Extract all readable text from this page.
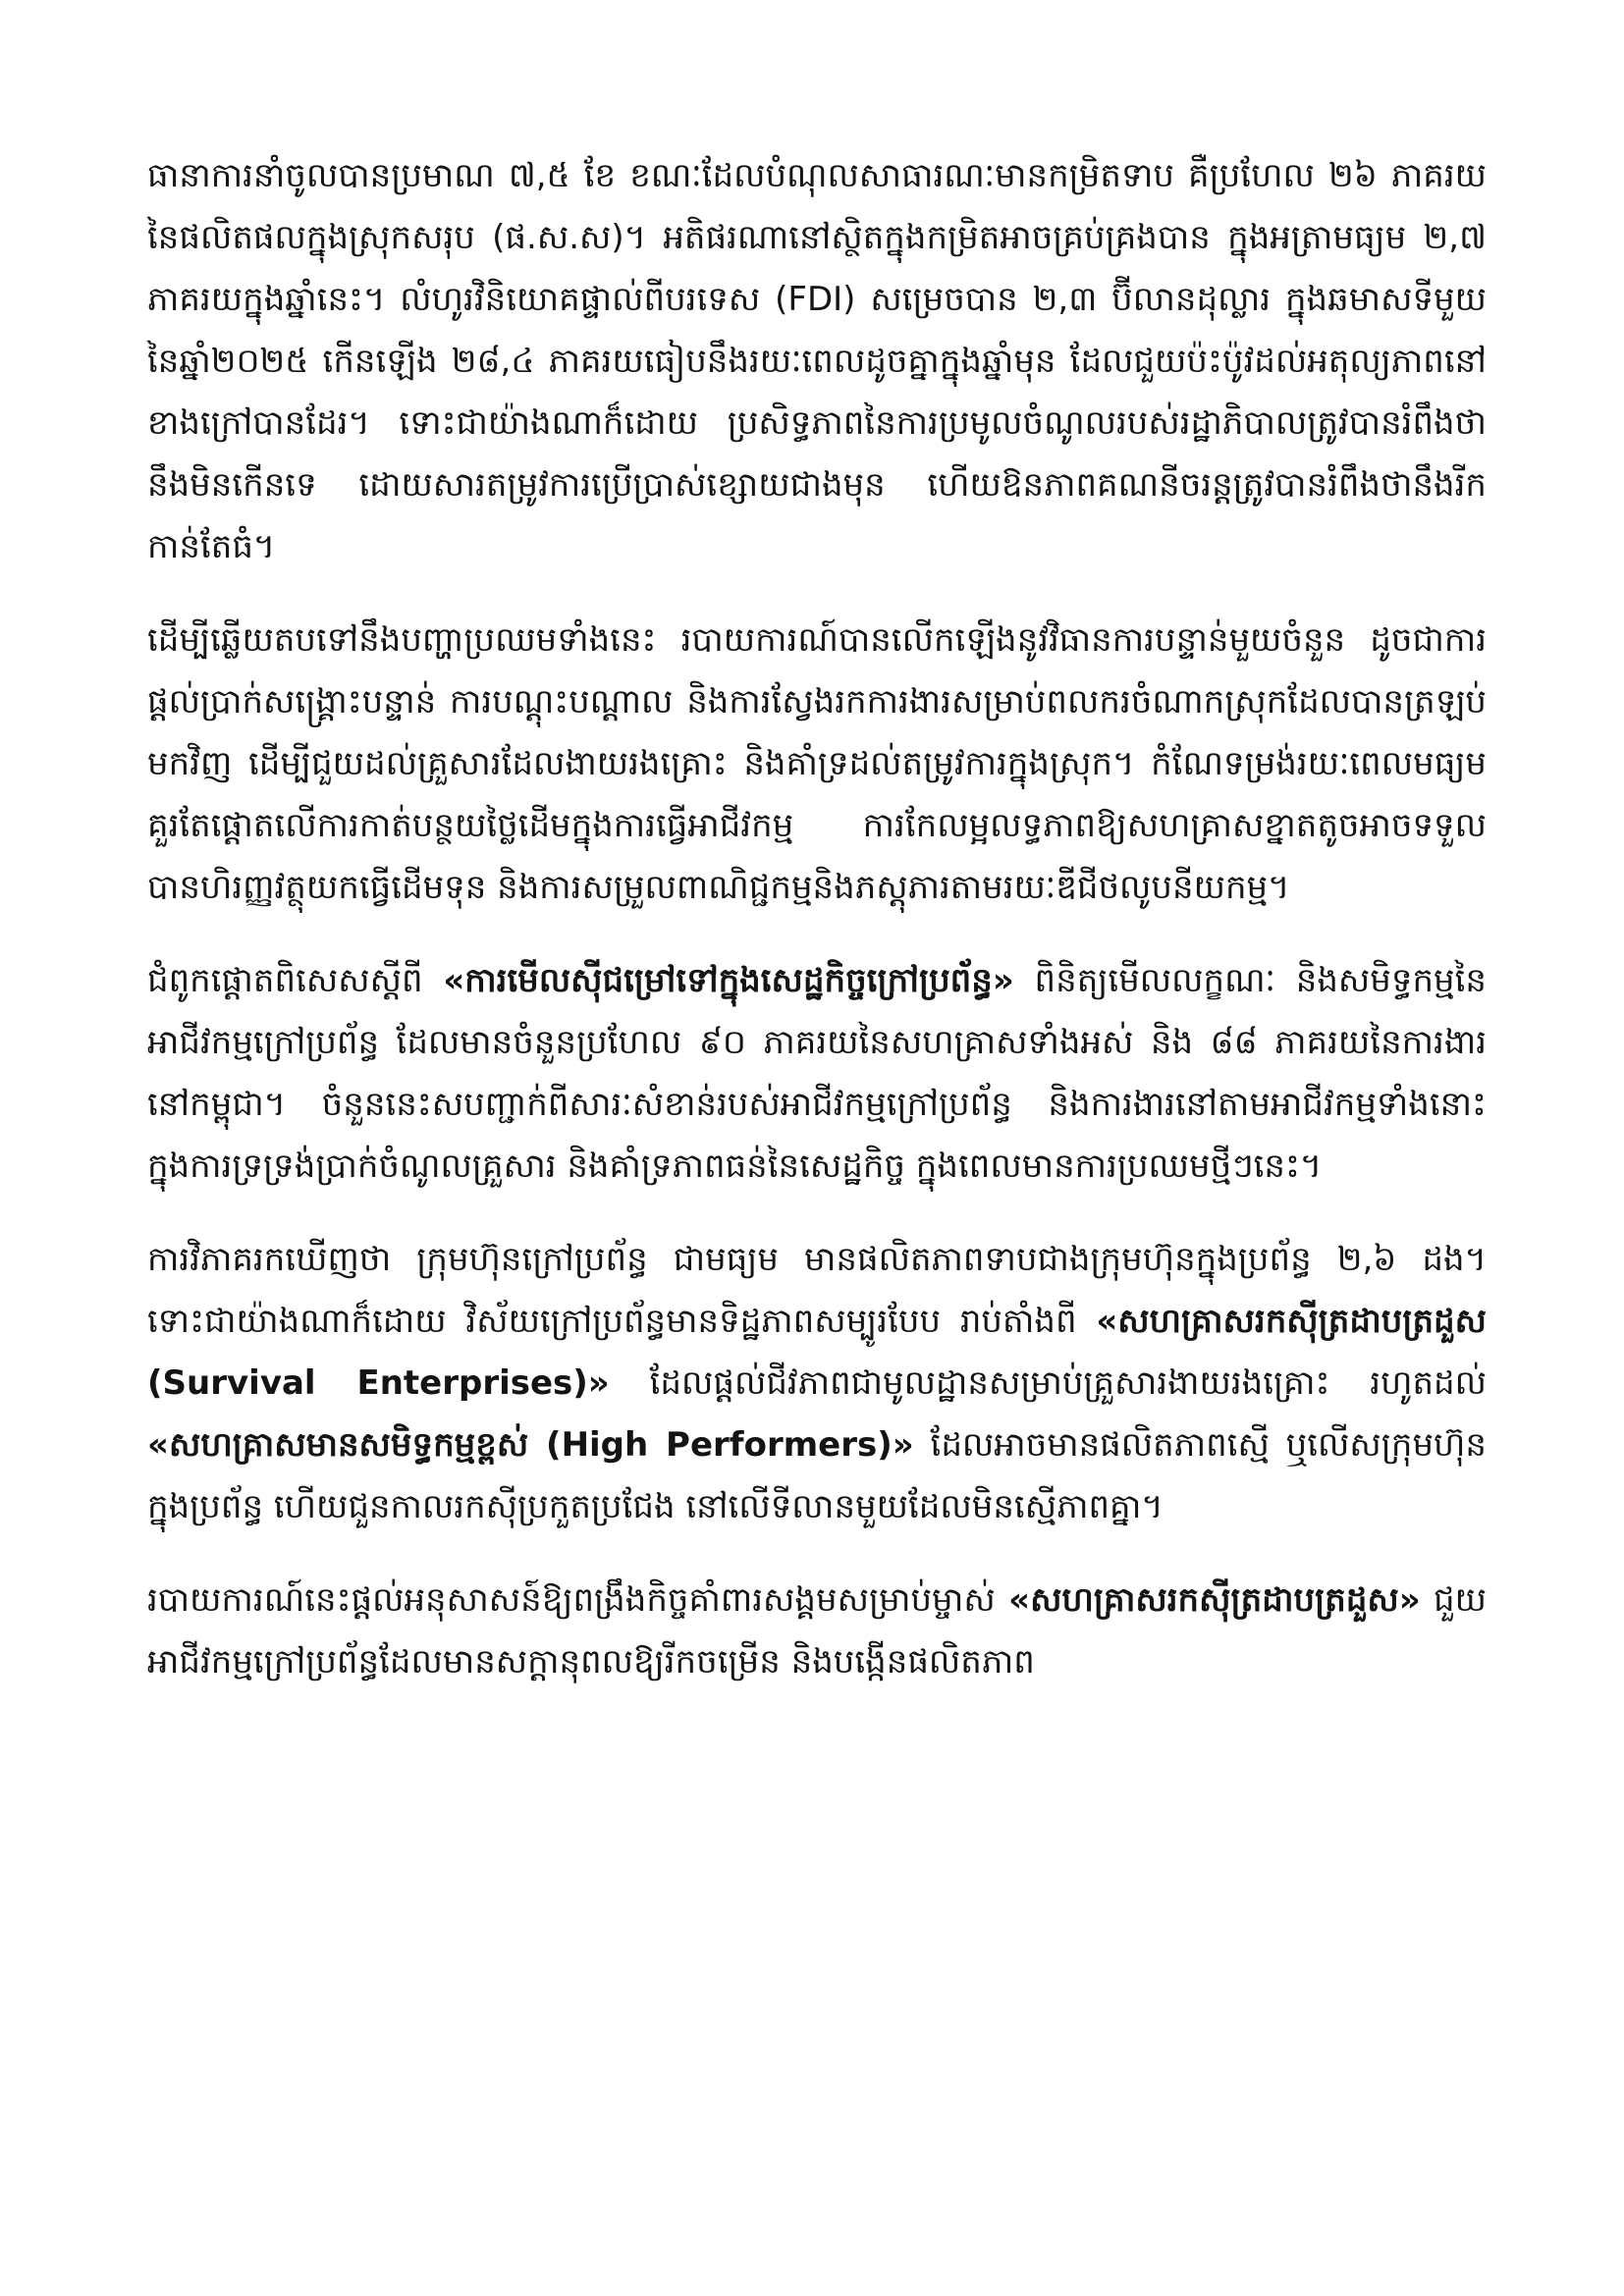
ធានាការនាំចូលបានប្រមាណ ៧,៥ ខែ ខណៈដែលបំណុលសាធារណៈមានកម្រិតទាប គឺប្រហែល ២៦ ភាគរយនៃផលិតផលក្នុងស្រុកសរុប (ផ.ស.ស)។ អតិផរណានៅស្ថិតក្នុងកម្រិតអាចគ្រប់គ្រងបាន ក្នុងអត្រាមធ្យម ២,៧ ភាគរយក្នុងឆ្នាំនេះ។ លំហូរវិនិយោគផ្ទាល់ពីបរទេស (FDI) សម្រេចបាន ២,៣ ប៊ីលានដុល្លារ ក្នុងឆមាសទីមួយនៃឆ្នាំ២០២៥ កើនឡើង ២៨,៤ ភាគរយធៀបនឹងរយៈពេលដូចគ្នាក្នុងឆ្នាំមុន ដែលជួយប៉ះប៉ូវដល់អតុល្យភាពនៅខាងក្រៅបានដែរ។ ទោះជាយ៉ាងណាក៏ដោយ ប្រសិទ្ធភាពនៃការប្រមូលចំណូលរបស់រដ្ឋាភិបាលត្រូវបានរំពឹងថានឹងមិនកើនទេ ដោយសារតម្រូវការប្រើប្រាស់ខ្សោយជាងមុន ហើយឱនភាពគណនីចរន្តត្រូវបានរំពឹងថានឹងរីកកាន់តែធំ។

ដើម្បីឆ្លើយតបទៅនឹងបញ្ហាប្រឈមទាំងនេះ របាយការណ៍បានលើកឡើងនូវវិធានការបន្ទាន់មួយចំនួន ដូចជាការផ្តល់ប្រាក់សង្គ្រោះបន្ទាន់ ការបណ្តុះបណ្តាល និងការស្វែងរកការងារសម្រាប់ពលករចំណាកស្រុកដែលបានត្រឡប់មកវិញ ដើម្បីជួយដល់គ្រួសារដែលងាយរងគ្រោះ និងគាំទ្រដល់តម្រូវការក្នុងស្រុក។ កំណែទម្រង់រយៈពេលមធ្យម គួរតែផ្តោតលើការកាត់បន្ថយថ្លៃដើមក្នុងការធ្វើអាជីវកម្ម ការកែលម្អលទ្ធភាពឱ្យសហគ្រាសខ្នាតតូចអាចទទួលបានហិរញ្ញវត្ថុយកធ្វើដើមទុន និងការសម្រួលពាណិជ្ជកម្មនិងភស្តុភារតាមរយៈឌីជីថលូបនីយកម្ម។

ជំពូកផ្តោតពិសេសស្តីពី «ការមើលស៊ីជម្រៅទៅក្នុងសេដ្ឋកិច្ចក្រៅប្រព័ន្ធ» ពិនិត្យមើលលក្ខណៈ និងសមិទ្ធកម្មនៃអាជីវកម្មក្រៅប្រព័ន្ធ ដែលមានចំនួនប្រហែល ៩០ ភាគរយនៃសហគ្រាសទាំងអស់ និង ៨៨ ភាគរយនៃការងារនៅកម្ពុជា។ ចំនួននេះសបញ្ជាក់ពីសារៈសំខាន់របស់អាជីវកម្មក្រៅប្រព័ន្ធ និងការងារនៅតាមអាជីវកម្មទាំងនោះ ក្នុងការទ្រទ្រង់ប្រាក់ចំណូលគ្រួសារ និងគាំទ្រភាពធន់នៃសេដ្ឋកិច្ច ក្នុងពេលមានការប្រឈមថ្មីៗនេះ។

ការវិភាគរកឃើញថា ក្រុមហ៊ុនក្រៅប្រព័ន្ធ ជាមធ្យម មានផលិតភាពទាបជាងក្រុមហ៊ុនក្នុងប្រព័ន្ធ ២,៦ ដង។ ទោះជាយ៉ាងណាក៏ដោយ វិស័យក្រៅប្រព័ន្ធមានទិដ្ឋភាពសម្បូរបែប រាប់តាំងពី «សហគ្រាសរកស៊ីត្រដាបត្រដួស (Survival Enterprises)» ដែលផ្តល់ជីវភាពជាមូលដ្ឋានសម្រាប់គ្រួសារងាយរងគ្រោះ រហូតដល់ «សហគ្រាសមានសមិទ្ធកម្មខ្ពស់ (High Performers)» ដែលអាចមានផលិតភាពស្មើ ឬលើសក្រុមហ៊ុនក្នុងប្រព័ន្ធ ហើយជួនកាលរកស៊ីប្រកួតប្រជែង នៅលើទីលានមួយដែលមិនស្មើភាពគ្នា។

របាយការណ៍នេះផ្តល់អនុសាសន៍ឱ្យពង្រឹងកិច្ចគាំពារសង្គមសម្រាប់ម្ចាស់ «សហគ្រាសរកស៊ីត្រដាបត្រដួស» ជួយអាជីវកម្មក្រៅប្រព័ន្ធដែលមានសក្តានុពលឱ្យរីកចម្រើន និងបង្កើនផលិតភាព
